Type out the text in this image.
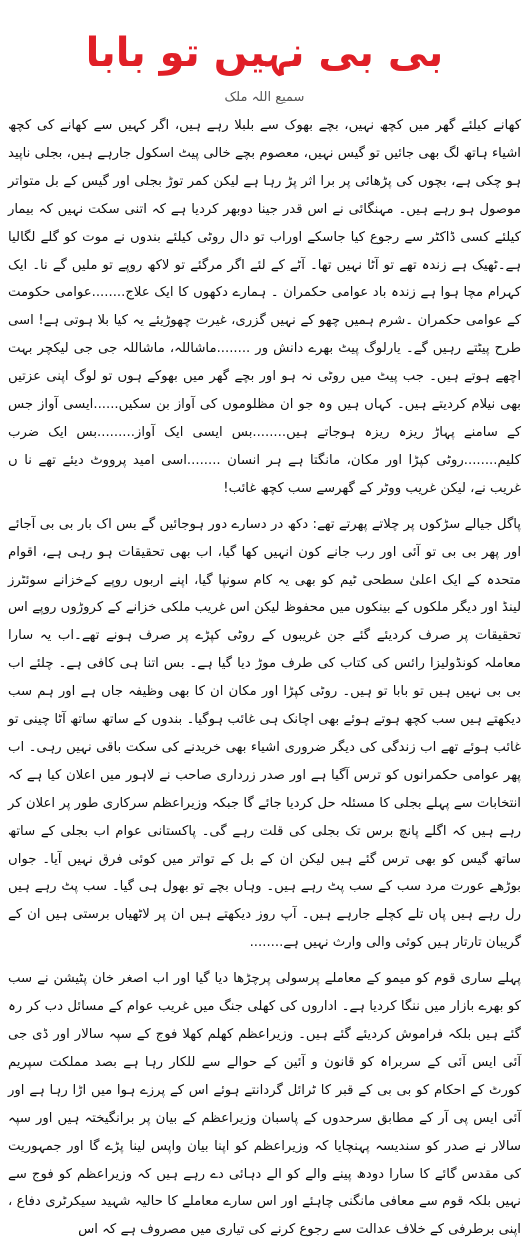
بی بی نہیں تو بابا
سمیع اللہ ملک

کھانے کیلئے گھر میں کچھ نہیں، بچے بھوک سے بلبلا رہے ہیں، اگر کہیں سے کھانے کی کچھ اشیاء ہاتھ لگ بھی جائیں تو گیس نہیں، معصوم بچے خالی پیٹ اسکول جارہے ہیں، بجلی ناپید ہو چکی ہے، بچوں کی پڑھائی پر برا اثر پڑ رہا ہے لیکن کمر توڑ بجلی اور گیس کے بل متواتر موصول ہو رہے ہیں۔ مہنگائی نے اس قدر جینا دوبھر کردیا ہے کہ اتنی سکت نہیں کہ بیمار کیلئے کسی ڈاکٹر سے رجوع کیا جاسکے اوراب تو دال روٹی کیلئے بندوں نے موت کو گلے لگالیا ہے۔ٹھیک ہے زندہ تھے تو آٹا نہیں تھا۔ آٹے کے لئے اگر مرگئے تو لاکھ روپے تو ملیں گے نا۔ ایک کہرام مچا ہوا ہے زندہ باد عوامی حکمران ۔ ہمارے دکھوں کا ایک علاج........عوامی حکومت کے عوامی حکمران ۔شرم ہمیں چھو کے نہیں گزری، غیرت چھوڑیئے یہ کیا بلا ہوتی ہے! اسی طرح پیٹتے رہیں گے۔ یارلوگ پیٹ بھرے دانش ور ........ماشاللہ، ماشاللہ جی جی لیکچر بہت اچھے ہوتے ہیں۔ جب پیٹ میں روٹی نہ ہو اور بچے گھر میں بھوکے ہوں تو لوگ اپنی عزتیں بھی نیلام کردیتے ہیں۔ کہاں ہیں وہ جو ان مظلوموں کی آواز بن سکیں......ایسی آواز جس کے سامنے پہاڑ ریزہ ریزہ ہوجاتے ہیں........بس ایسی ایک آواز.........بس ایک ضرب کلیم........روٹی کپڑا اور مکان، مانگتا ہے ہر انسان ........اسی امید پرووٹ دیئے تھے نا ں غریب نے، لیکن غریب ووٹر کے گھرسے سب کچھ غائب!

پاگل جیالے سڑکوں پر چلاتے پھرتے تھے: دکھ در دسارے دور ہوجائیں گے بس اک بار بی بی آجائے اور پھر بی بی تو آئی اور رب جانے کون انہیں کھا گیا، اب بھی تحقیقات ہو رہی ہے، اقوام متحدہ کے ایک اعلیٰ سطحی ٹیم کو بھی یہ کام سونپا گیا، اپنے اربوں روپے کےخزانے سوئٹرز لینڈ اور دیگر ملکوں کے بینکوں میں محفوظ لیکن اس غریب ملکی خزانے کے کروڑوں روپے اس تحقیقات پر صرف کردیئے گئے جن غریبوں کے روٹی کپڑے پر صرف ہونے تھے۔اب یہ سارا معاملہ کونڈولیزا رائس کی کتاب کی طرف موڑ دیا گیا ہے۔ بس اتنا ہی کافی ہے۔ چلئے اب بی بی نہیں ہیں تو بابا تو ہیں۔ روٹی کپڑا اور مکان ان کا بھی وظیفہ جاں ہے اور ہم سب دیکھتے ہیں سب کچھ ہوتے ہوئے بھی اچانک ہی غائب ہوگیا۔ بندوں کے ساتھ ساتھ آٹا چینی تو غائب ہوئے تھے اب زندگی کی دیگر ضروری اشیاء بھی خریدنے کی سکت باقی نہیں رہی۔ اب پھر عوامی حکمرانوں کو ترس آگیا ہے اور صدر زرداری صاحب نے لاہور میں اعلان کیا ہے کہ انتخابات سے پہلے بجلی کا مسئلہ حل کردیا جائے گا جبکہ وزیراعظم سرکاری طور پر اعلان کر رہے ہیں کہ اگلے پانچ برس تک بجلی کی قلت رہے گی۔ پاکستانی عوام اب بجلی کے ساتھ ساتھ گیس کو بھی ترس گئے ہیں لیکن ان کے بل کے تواتر میں کوئی فرق نہیں آیا۔ جواں بوڑھے عورت مرد سب کے سب پٹ رہے ہیں۔ وہاں بچے تو بھول ہی گیا۔ سب پٹ رہے ہیں رل رہے ہیں پاں تلے کچلے جارہے ہیں۔ آپ روز دیکھتے ہیں ان پر لاٹھیاں برستی ہیں ان کے گریبان تارتار ہیں کوئی والی وارث نہیں ہے........

پہلے ساری قوم کو میمو کے معاملے پرسولی پرچڑھا دیا گیا اور اب اصغر خان پٹیشن نے سب کو بھرے بازار میں ننگا کردیا ہے۔ اداروں کی کھلی جنگ میں غریب عوام کے مسائل دب کر رہ گئے ہیں بلکہ فراموش کردیئے گئے ہیں۔ وزیراعظم کھلم کھلا فوج کے سپہ سالار اور ڈی جی آئی ایس آئی کے سربراہ کو قانون و آئین کے حوالے سے للکار رہا ہے بصد مملکت سپریم کورٹ کے احکام کو بی بی کے قبر کا ٹرائل گردانتے ہوئے اس کے پرزے ہوا میں اڑا رہا ہے اور آئی ایس پی آر کے مطابق سرحدوں کے پاسبان وزیراعظم کے بیان پر برانگیختہ ہیں اور سپہ سالار نے صدر کو سندیسہ پہنچایا کہ وزیراعظم کو اپنا بیان واپس لینا پڑے گا اور جمہوریت کی مقدس گائے کا سارا دودھ پینے والے کو الے دہائی دے رہے ہیں کہ وزیراعظم کو فوج سے نہیں بلکہ قوم سے معافی مانگنی چاہئے اور اس سارے معاملے کا حالیہ شہید سیکرٹری دفاع ، اپنی برطرفی کے خلاف عدالت سے رجوع کرنے کی تیاری میں مصروف ہے کہ اس
